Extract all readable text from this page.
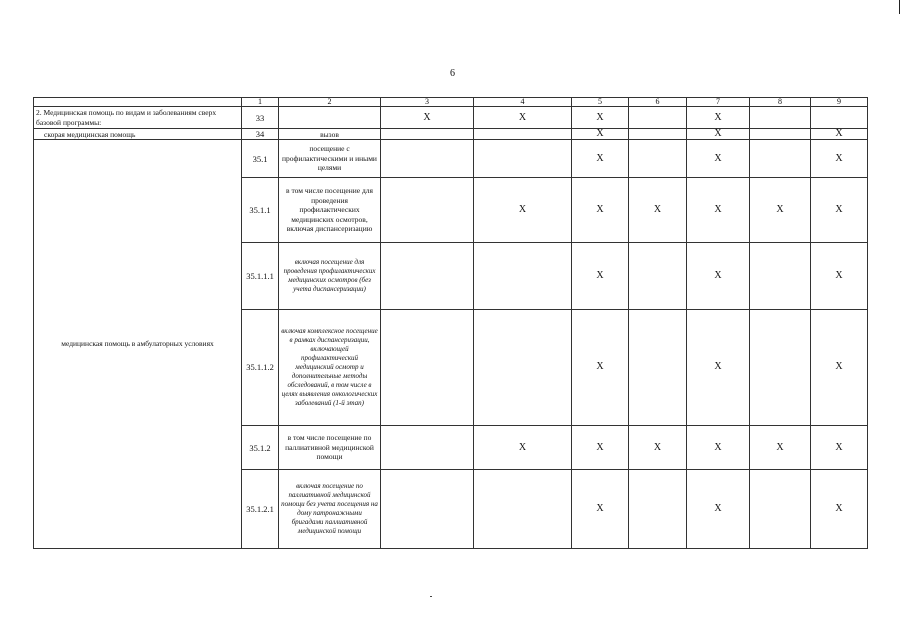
6
	1	2	3	4	5	6	7	8	9
2. Медицинская помощь по видам и заболеваниям сверх базовой программы:	33		X	X	X		X		
скорая медицинская помощь	34	вызов			X		X		X
медицинская помощь в амбулаторных условиях	35.1	посещение с профилактическими и иными целями			X		X		X
	35.1.1	в том числе посещение для проведения профилактических медицинских осмотров, включая диспансеризацию		X	X	X	X	X	X
	35.1.1.1	включая посещение для проведения профилактических медицинских осмотров (без учета диспансеризации)			X		X		X
	35.1.1.2	включая комплексное посещение в рамках диспансеризации, включающей профилактический медицинский осмотр и дополнительные методы обследований, в том числе в целях выявления онкологических заболеваний (1-й этап)			X		X		X
	35.1.2	в том числе посещение по паллиативной медицинской помощи		X	X	X	X	X	X
	35.1.2.1	включая посещение по паллиативной медицинской помощи без учета посещения на дому патронажными бригадами паллиативной медицинской помощи			X		X		X
